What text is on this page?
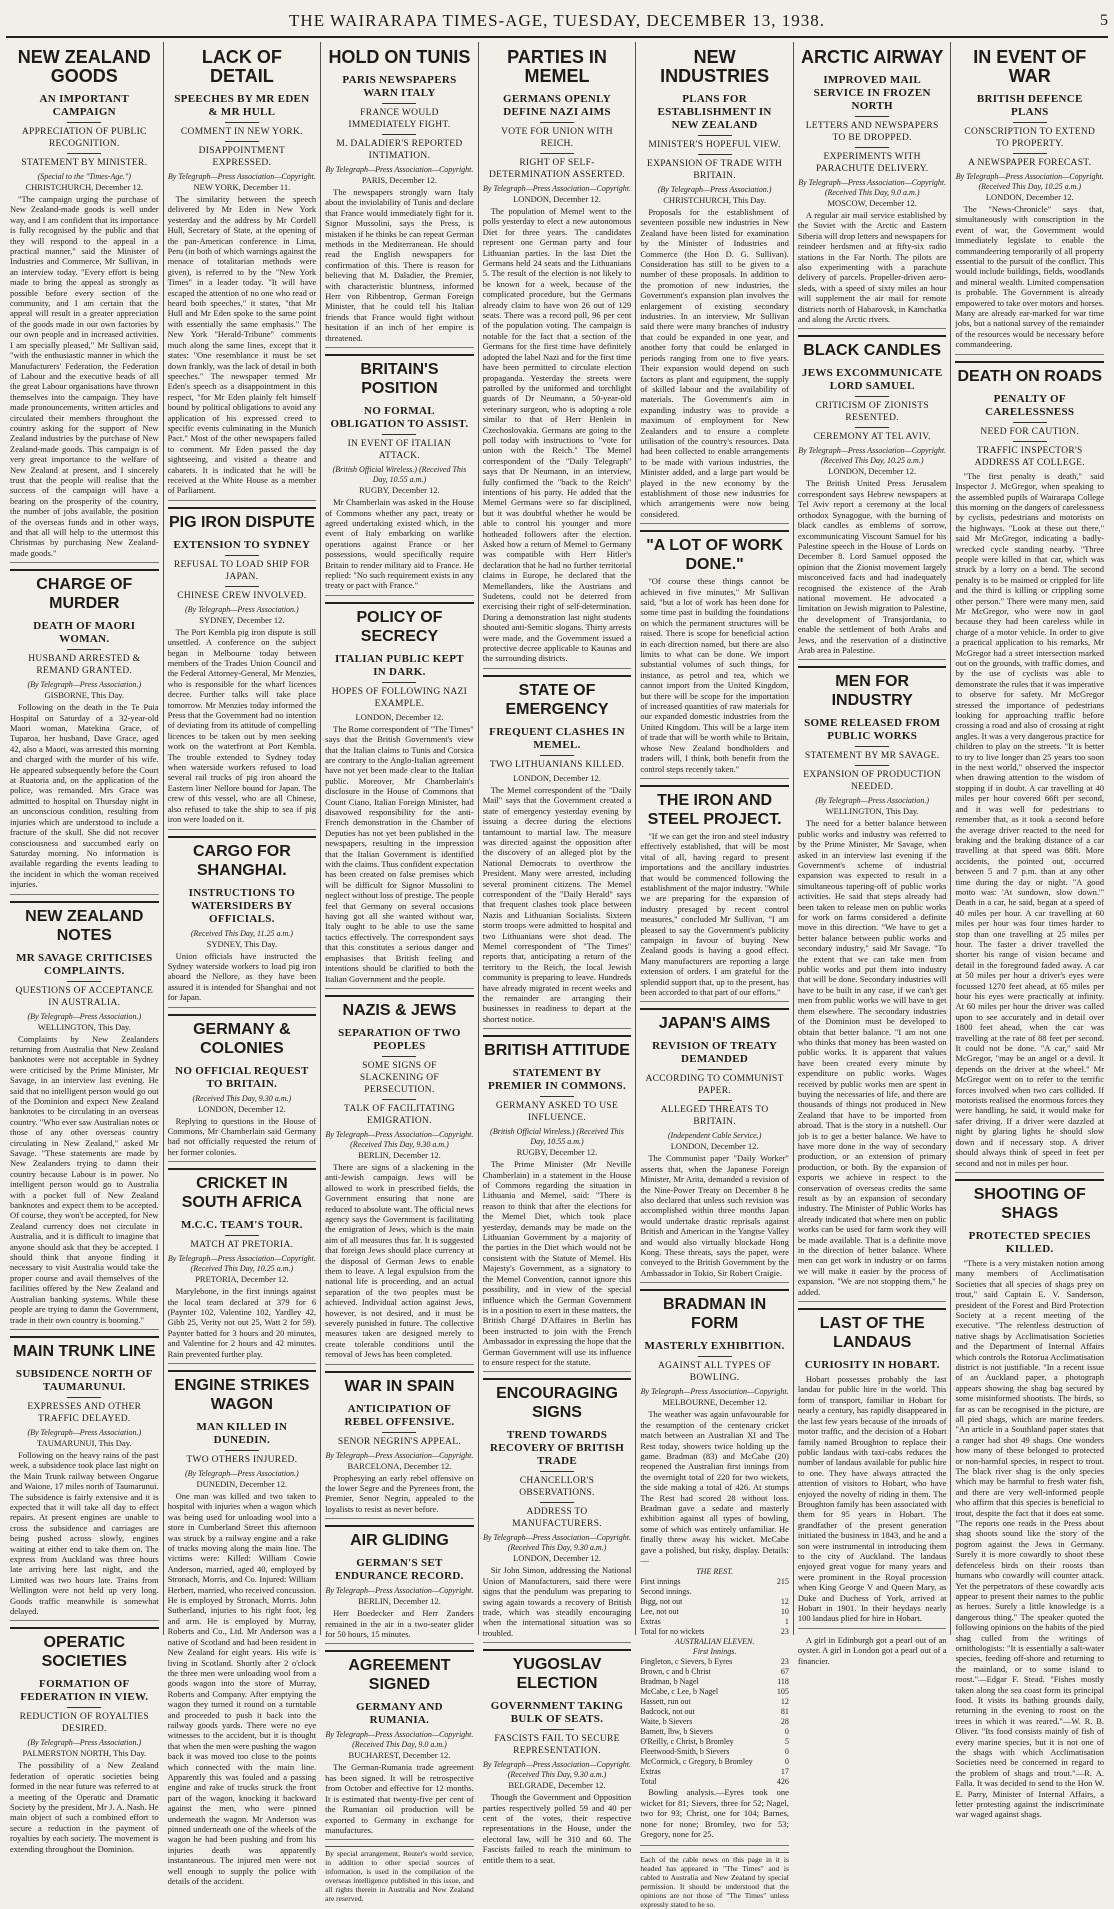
THE WAIRARAPA TIMES-AGE, TUESDAY, DECEMBER 13, 1938.	5
NEW ZEALAND GOODS
AN IMPORTANT CAMPAIGN
APPRECIATION OF PUBLIC RECOGNITION.
STATEMENT BY MINISTER.
(Special to the "Times-Age.")
CHRISTCHURCH, December 12.

"The campaign urging the purchase of New Zealand-made goods is well under way, and I am confident that its importance is fully recognised by the public and that they will respond to the appeal in a practical manner," said the Minister of Industries and Commerce, Mr Sullivan, in an interview today. "Every effort is being made to bring the appeal as strongly as possible before every section of the community, and I am certain that the appeal will result in a greater appreciation of the goods made in our own factories by our own people and in increased activities. I am specially pleased," Mr Sullivan said, "with the enthusiastic manner in which the Manufacturers' Federation, the Federation of Labour and the executive heads of all the great Labour organisations have thrown themselves into the campaign. They have made pronouncements, written articles and circulated their members throughout the country asking for the support of New Zealand industries by the purchase of New Zealand-made goods. This campaign is of very great importance to the welfare of New Zealand at present, and I sincerely trust that the people will realise that the success of the campaign will have a bearing on the prosperity of the country, the number of jobs available, the position of the overseas funds and in other ways, and that all will help to the uttermost this Christmas by purchasing New Zealand-made goods."

CHARGE OF MURDER
DEATH OF MAORI WOMAN.
HUSBAND ARRESTED & REMAND GRANTED.
(By Telegraph—Press Association.)
GISBORNE, This Day.

Following on the death in the Te Puia Hospital on Saturday of a 32-year-old Maori woman, Matekina Grace, of Tuparoa, her husband, Dave Grace, aged 42, also a Maori, was arrested this morning and charged with the murder of his wife. He appeared subsequently before the Court at Ruatoria and, on the application of the police, was remanded. Mrs Grace was admitted to hospital on Thursday night in an unconscious condition, resulting from injuries which are understood to include a fracture of the skull. She did not recover consciousness and succumbed early on Saturday morning. No information is available regarding the events leading to the incident in which the woman received injuries.

NEW ZEALAND NOTES
MR SAVAGE CRITICISES COMPLAINTS.
QUESTIONS OF ACCEPTANCE IN AUSTRALIA.
(By Telegraph—Press Association.)
WELLINGTON, This Day.

Complaints by New Zealanders returning from Australia that New Zealand banknotes were not acceptable in Sydney were criticised by the Prime Minister, Mr Savage, in an interview last evening. He said that no intelligent person would go out of the Dominion and expect New Zealand banknotes to be circulating in an overseas country. "Who ever saw Australian notes or those of any other overseas country circulating in New Zealand," asked Mr Savage. "These statements are made by New Zealanders trying to damn their country because Labour is in power. No intelligent person would go to Australia with a pocket full of New Zealand banknotes and expect them to be accepted. Of course, they won't be accepted, for New Zealand currency does not circulate in Australia, and it is difficult to imagine that anyone should ask that they be accepted. I should think that anyone finding it necessary to visit Australia would take the proper course and avail themselves of the facilities offered by the New Zealand and Australian banking systems. While these people are trying to damn the Government, trade in their own country is booming."

MAIN TRUNK LINE
SUBSIDENCE NORTH OF TAUMARUNUI.
EXPRESSES AND OTHER TRAFFIC DELAYED.
(By Telegraph—Press Association.)
TAUMARUNUI, This Day.

Following on the heavy rains of the past week, a subsidence took place last night on the Main Trunk railway between Ongarue and Waione, 17 miles north of Taumarunui. The subsidence is fairly extensive and it is expected that it will take all day to effect repairs. At present engines are unable to cross the subsidence and carriages are being pushed across slowly, engines waiting at either end to take them on. The express from Auckland was three hours late arriving here last night, and the Limited was two hours late. Trains from Wellington were not held up very long. Goods traffic meanwhile is somewhat delayed.

OPERATIC SOCIETIES
FORMATION OF FEDERATION IN VIEW.
REDUCTION OF ROYALTIES DESIRED.
(By Telegraph—Press Association.)
PALMERSTON NORTH, This Day.

The possibility of a New Zealand federation of operatic societies being formed in the near future was referred to at a meeting of the Operatic and Dramatic Society by the president, Mr J. A. Nash. He main object of such a combined effort to secure a reduction in the payment of royalties by each society. The movement is extending throughout the Dominion.

LACK OF DETAIL
SPEECHES BY MR EDEN & MR HULL
COMMENT IN NEW YORK.
DISAPPOINTMENT EXPRESSED.
By Telegraph—Press Association—Copyright.
NEW YORK, December 11.

The similarity between the speech delivered by Mr Eden in New York yesterday and the address by Mr Cordell Hull, Secretary of State, at the opening of the pan-American conference in Lima, Peru (in both of which warnings against the menace of totalitarian methods were given), is referred to by the "New York Times" in a leader today. "It will have escaped the attention of no one who read or heard both speeches," it states, "that Mr Hull and Mr Eden spoke to the same point with essentially the same emphasis." The New York "Herald-Tribune" comments much along the same lines, except that it states: "One resemblance it must be set down frankly, was the lack of detail in both speeches." The newspaper termed Mr Eden's speech as a disappointment in this respect, "for Mr Eden plainly felt himself bound by political obligations to avoid any application of his expressed creed to specific events culminating in the Munich Pact." Most of the other newspapers failed to comment. Mr Eden passed the day sightseeing, and visited a theatre and cabarets. It is indicated that he will be received at the White House as a member of Parliament.

PIG IRON DISPUTE
EXTENSION TO SYDNEY
REFUSAL TO LOAD SHIP FOR JAPAN.
CHINESE CREW INVOLVED.
(By Telegraph—Press Association.)
SYDNEY, December 12.

The Port Kembla pig iron dispute is still unsettled. A conference on the subject began in Melbourne today between members of the Trades Union Council and the Federal Attorney-General, Mr Menzies, who is responsible for the wharf licences decree. Further talks will take place tomorrow. Mr Menzies today informed the Press that the Government had no intention of deviating from its attitude of compelling licences to be taken out by men seeking work on the waterfront at Port Kembla. The trouble extended to Sydney today when waterside workers refused to load several rail trucks of pig iron aboard the Eastern liner Nellore bound for Japan. The crew of this vessel, who are all Chinese, also refused to take the ship to sea if pig iron were loaded on it.

CARGO FOR SHANGHAI.
INSTRUCTIONS TO WATERSIDERS BY OFFICIALS.
(Received This Day, 11.25 a.m.)
SYDNEY, This Day.

Union officials have instructed the Sydney waterside workers to load pig iron aboard the Nellore, as they have been assured it is intended for Shanghai and not for Japan.

GERMANY & COLONIES
NO OFFICIAL REQUEST TO BRITAIN.
(Received This Day, 9.30 a.m.)
LONDON, December 12.

Replying to questions in the House of Commons, Mr Chamberlain said Germany had not officially requested the return of her former colonies.

CRICKET IN SOUTH AFRICA
M.C.C. TEAM'S TOUR.
MATCH AT PRETORIA.
By Telegraph—Press Association—Copyright. (Received This Day, 10.25 a.m.)
PRETORIA, December 12.

Marylebone, in the first innings against the local team declared at 379 for 6 (Paynter 102, Valentine 102, Yardley 42, Gibb 25, Verity not out 25, Watt 2 for 59). Paynter batted for 3 hours and 20 minutes, and Valentine for 2 hours and 42 minutes. Rain prevented further play.

ENGINE STRIKES WAGON
MAN KILLED IN DUNEDIN.
TWO OTHERS INJURED.
(By Telegraph—Press Association.)
DUNEDIN, December 12.

One man was killed and two taken to hospital with injuries when a wagon which was being used for unloading wool into a store in Cumberland Street this afternoon was struck by a railway engine and a rake of trucks moving along the main line. The victims were: Killed: William Cowie Anderson, married, aged 40, employed by Stronach, Morris, and Co. Injured: William Herbert, married, who received concussion. He is employed by Stronach, Morris. John Sutherland, injuries to his right foot, leg and arm. He is employed by Murray, Roberts and Co., Ltd. Mr Anderson was a native of Scotland and had been resident in New Zealand for eight years. His wife is living in Scotland. Shortly after 2 o'clock the three men were unloading wool from a goods wagon into the store of Murray, Roberts and Company. After emptying the wagon they turned it round on a turntable and proceeded to push it back into the railway goods yards. There were no eye witnesses to the accident, but it is thought that when the men were pushing the wagon back it was moved too close to the points which connected with the main line. Apparently this was fouled and a passing engine and rake of trucks struck the front part of the wagon, knocking it backward against the men, who were pinned underneath the wagon. Mr Anderson was pinned underneath one of the wheels of the wagon he had been pushing and from his injuries death was apparently instantaneous. The injured men were not well enough to supply the police with details of the accident.

HOLD ON TUNIS
PARIS NEWSPAPERS WARN ITALY
FRANCE WOULD IMMEDIATELY FIGHT.
M. DALADIER'S REPORTED INTIMATION.
By Telegraph—Press Association—Copyright.
PARIS, December 12.

The newspapers strongly warn Italy about the inviolability of Tunis and declare that France would immediately fight for it. Signor Mussolini, says the Press, is mistaken if he thinks he can repeat German methods in the Mediterranean. He should read the English newspapers for confirmation of this. There is reason for believing that M. Daladier, the Premier, with characteristic bluntness, informed Herr von Ribbentrop, German Foreign Minister, that he could tell his Italian friends that France would fight without hesitation if an inch of her empire is threatened.

BRITAIN'S POSITION
NO FORMAL OBLIGATION TO ASSIST.
IN EVENT OF ITALIAN ATTACK.
(British Official Wireless.) (Received This Day, 10.55 a.m.)
RUGBY, December 12.

Mr Chamberlain was asked in the House of Commons whether any pact, treaty or agreed undertaking existed which, in the event of Italy embarking on warlike operations against France or her possessions, would specifically require Britain to render military aid to France. He replied: "No such requirement exists in any treaty or pact with France."

POLICY OF SECRECY
ITALIAN PUBLIC KEPT IN DARK.
HOPES OF FOLLOWING NAZI EXAMPLE.
LONDON, December 12.

The Rome correspondent of "The Times" says that the British Government's view that the Italian claims to Tunis and Corsica are contrary to the Anglo-Italian agreement have not yet been made clear to the Italian public. Moreover, Mr Chamberlain's disclosure in the House of Commons that Count Ciano, Italian Foreign Minister, had disavowed responsibility for the anti-French demonstration in the Chamber of Deputies has not yet been published in the newspapers, resulting in the impression that the Italian Government is identified with the claims. Thus confident expectation has been created on false premises which will be difficult for Signor Mussolini to neglect without loss of prestige. The people feel that Germany on several occasions having got all she wanted without war, Italy ought to be able to use the same tactics effectively. The correspondent says that this constitutes a serious danger and emphasises that British feeling and intentions should be clarified to both the Italian Government and the people.

NAZIS & JEWS
SEPARATION OF TWO PEOPLES
SOME SIGNS OF SLACKENING OF PERSECUTION.
TALK OF FACILITATING EMIGRATION.
By Telegraph—Press Association—Copyright. (Received This Day, 9.30 a.m.)
BERLIN, December 12.

There are signs of a slackening in the anti-Jewish campaign. Jews will be allowed to work in prescribed fields, the Government ensuring that none are reduced to absolute want. The official news agency says the Government is facilitating the emigration of Jews, which is the main aim of all measures thus far. It is suggested that foreign Jews should place currency at the disposal of German Jews to enable them to leave. A legal expulsion from the national life is proceeding, and an actual separation of the two peoples must be achieved. Individual action against Jews, however, is not desired, and it must be severely punished in future. The collective measures taken are designed merely to create tolerable conditions until the removal of Jews has been completed.

WAR IN SPAIN
ANTICIPATION OF REBEL OFFENSIVE.
SENOR NEGRIN'S APPEAL.
By Telegraph—Press Association—Copyright.
BARCELONA, December 12.

Prophesying an early rebel offensive on the lower Segre and the Pyrenees front, the Premier, Senor Negrin, appealed to the loyalists to resist as never before.

AIR GLIDING
GERMAN'S SET ENDURANCE RECORD.
By Telegraph—Press Association—Copyright.
BERLIN, December 12.

Herr Boedecker and Herr Zanders remained in the air in a two-seater glider for 50 hours, 15 minutes.

AGREEMENT SIGNED
GERMANY AND RUMANIA.
By Telegraph—Press Association—Copyright. (Received This Day, 9.0 a.m.)
BUCHAREST, December 12.

The German-Rumania trade agreement has been signed. It will be retrospective from October and effective for 12 months. It is estimated that twenty-five per cent of the Rumanian oil production will be exported to Germany in exchange for manufactures.

By special arrangement, Reuter's world service, in addition to other special sources of information, is used in the compilation of the overseas intelligence published in this issue, and all rights therein in Australia and New Zealand are reserved.
PARTIES IN MEMEL
GERMANS OPENLY DEFINE NAZI AIMS
VOTE FOR UNION WITH REICH.
RIGHT OF SELF-DETERMINATION ASSERTED.
By Telegraph—Press Association—Copyright.
LONDON, December 12.

The population of Memel went to the polls yesterday to elect a new autonomous Diet for three years. The candidates represent one German party and four Lithuanian parties. In the last Diet the Germans held 24 seats and the Lithuanians 5. The result of the election is not likely to be known for a week, because of the complicated procedure, but the Germans already claim to have won 26 out of 129 seats. There was a record poll, 96 per cent of the population voting. The campaign is notable for the fact that a section of the Germans for the first time have definitely adopted the label Nazi and for the first time have been permitted to circulate election propaganda. Yesterday the streets were patrolled by the uniformed and torchlight guards of Dr Neumann, a 50-year-old veterinary surgeon, who is adopting a role similar to that of Herr Henlein in Czechoslovakia. Germans are going to the poll today with instructions to "vote for union with the Reich." The Memel correspondent of the "Daily Telegraph" says that Dr Neumann, in an interview, fully confirmed the "back to the Reich" intentions of his party. He added that the Memel Germans were so far disciplined, but it was doubtful whether he would be able to control his younger and more hotheaded followers after the election. Asked how a return of Memel to Germany was compatible with Herr Hitler's declaration that he had no further territorial claims in Europe, he declared that the Memellanders, like the Austrians and Sudetens, could not be deterred from exercising their right of self-determination. During a demonstration last night students shouted anti-Semitic slogans. Thirty arrests were made, and the Government issued a protective decree applicable to Kaunas and the surrounding districts.

STATE OF EMERGENCY
FREQUENT CLASHES IN MEMEL.
TWO LITHUANIANS KILLED.
LONDON, December 12.

The Memel correspondent of the "Daily Mail" says that the Government created a state of emergency yesterday evening by issuing a decree during the elections tantamount to martial law. The measure was directed against the opposition after the discovery of an alleged plot by the National Democrats to overthrow the President. Many were arrested, including several prominent citizens. The Memel correspondent of the "Daily Herald" says that frequent clashes took place between Nazis and Lithuanian Socialists. Sixteen storm troops were admitted to hospital and two Lithuanians were shot dead. The Memel correspondent of "The Times" reports that, anticipating a return of the territory to the Reich, the local Jewish community is preparing to leave. Hundreds have already migrated in recent weeks and the remainder are arranging their businesses in readiness to depart at the shortest notice.

BRITISH ATTITUDE
STATEMENT BY PREMIER IN COMMONS.
GERMANY ASKED TO USE INFLUENCE.
(British Official Wireless.) (Received This Day, 10.55 a.m.)
RUGBY, December 12.

The Prime Minister (Mr Neville Chamberlain) in a statement in the House of Commons regarding the situation in Lithuania and Memel, said: "There is reason to think that after the elections for the Memel Diet, which took place yesterday, demands may be made on the Lithuanian Government by a majority of the parties in the Diet which would not be consistent with the Statute of Memel. His Majesty's Government, as a signatory to the Memel Convention, cannot ignore this possibility, and in view of the special influence which the German Government is in a position to exert in these matters, the British Chargé D'Affaires in Berlin has been instructed to join with the French Ambassador in expressing the hope that the German Government will use its influence to ensure respect for the statute.

ENCOURAGING SIGNS
TREND TOWARDS RECOVERY OF BRITISH TRADE
CHANCELLOR'S OBSERVATIONS.
ADDRESS TO MANUFACTURERS.
By Telegraph—Press Association—Copyright. (Received This Day, 9.30 a.m.)
LONDON, December 12.

Sir John Simon, addressing the National Union of Manufacturers, said there were signs that the pendulum was preparing to swing again towards a recovery of British trade, which was steadily encouraging when the international situation was so troubled.

YUGOSLAV ELECTION
GOVERNMENT TAKING BULK OF SEATS.
FASCISTS FAIL TO SECURE REPRESENTATION.
By Telegraph—Press Association—Copyright. (Received This Day, 9.30 a.m.)
BELGRADE, December 12.

Though the Government and Opposition parties respectively polled 59 and 40 per cent of the votes, their respective representations in the House, under the electoral law, will be 310 and 60. The Fascists failed to reach the minimum to entitle them to a seat.

NEW INDUSTRIES
PLANS FOR ESTABLISHMENT IN NEW ZEALAND
MINISTER'S HOPEFUL VIEW.
EXPANSION OF TRADE WITH BRITAIN.
(By Telegraph—Press Association.)
CHRISTCHURCH, This Day.

Proposals for the establishment of seventeen possible new industries in New Zealand have been listed for examination by the Minister of Industries and Commerce (the Hon D. G. Sullivan). Consideration has still to be given to a number of these proposals. In addition to the promotion of new industries, the Government's expansion plan involves the enlargement of existing secondary industries. In an interview, Mr Sullivan said there were many branches of industry that could be expanded in one year, and another forty that could be enlarged in periods ranging from one to five years. Their expansion would depend on such factors as plant and equipment, the supply of skilled labour and the availability of materials. The Government's aim in expanding industry was to provide a maximum of employment for New Zealanders and to ensure a complete utilisation of the country's resources. Data had been collected to enable arrangements to be made with various industries, the Minister added, and a large part would be played in the new economy by the establishment of those new industries for which arrangements were now being considered.

"A LOT OF WORK DONE."

"Of course these things cannot be achieved in five minutes," Mr Sullivan said, "but a lot of work has been done for some time past in building the foundations on which the permanent structures will be raised. There is scope for beneficial action in each direction named, but there are also limits to what can be done. We import substantial volumes of such things, for instance, as petrol and tea, which we cannot import from the United Kingdom, but there will be scope for the importation of increased quantities of raw materials for our expanded domestic industries from the United Kingdom. This will be a large item of trade that will be worth while to Britain, whose New Zealand bondholders and traders will, I think, both benefit from the control steps recently taken."

THE IRON AND STEEL PROJECT.

"If we can get the iron and steel industry effectively established, that will be most vital of all, having regard to present importations and the ancillary industries that would be commenced following the establishment of the major industry. "While we are preparing for the expansion of industry presaged by recent control measures," concluded Mr Sullivan, "I am pleased to say the Government's publicity campaign in favour of buying New Zealand goods is having a good effect. Many manufacturers are reporting a large extension of orders. I am grateful for the splendid support that, up to the present, has been accorded to that part of our efforts."

JAPAN'S AIMS
REVISION OF TREATY DEMANDED
ACCORDING TO COMMUNIST PAPER.
ALLEGED THREATS TO BRITAIN.
(Independent Cable Service.)
LONDON, December 12.

The Communist paper "Daily Worker" asserts that, when the Japanese Foreign Minister, Mr Arita, demanded a revision of the Nine-Power Treaty on December 8 he also declared that unless such revision was accomplished within three months Japan would undertake drastic reprisals against British and American in the Yangtse Valley and would also virtually blockade Hong Kong. These threats, says the paper, were conveyed to the British Government by the Ambassador in Tokio, Sir Robert Craigie.

BRADMAN IN FORM
MASTERLY EXHIBITION.
AGAINST ALL TYPES OF BOWLING.
By Telegraph—Press Association—Copyright.
MELBOURNE, December 12.

The weather was again unfavourable for the resumption of the centenary cricket match between an Australian XI and The Rest today, showers twice holding up the game. Bradman (83) and McCabe (20) reopened the Australian first innings from the overnight total of 220 for two wickets, the side making a total of 426. At stumps The Rest had scored 28 without loss. Bradman gave a sedate and masterly exhibition against all types of bowling, some of which was entirely unfamiliar. He finally threw away his wicket. McCabe gave a polished, but risky, display. Details:—

THE REST.
First innings	215
Second innings.
Bigg, not out	12
Lee, not out	10
Extras	1
Total for no wickets	23
AUSTRALIAN ELEVEN.
First Innings.
Fingleton, c Sievers, b Eyres	23
Brown, c and b Christ	67
Bradman, b Nagel	118
McCabe, c Lee, b Nagel	105
Hassett, run out	12
Badcock, not out	81
Waite, b Sievers	28
Barnett, lbw, b Sievers	0
O'Reilly, c Christ, b Bromley	5
Fleetwood-Smith, b Sievers	0
McCormick, c Gregory, b Bromley	0
Extras	17
Total	426

Bowling analysis.—Eyres took one wicket for 81; Sievers, three for 52; Nagel, two for 93; Christ, one for 104; Barnes, none for none; Bromley, two for 53; Gregory, none for 25.

Each of the cable news on this page in it is headed has appeared in "The Times" and is cabled to Australia and New Zealand by special permission. It should be understood that the opinions are not those of "The Times" unless expressly stated to be so.
ARCTIC AIRWAY
IMPROVED MAIL SERVICE IN FROZEN NORTH
LETTERS AND NEWSPAPERS TO BE DROPPED.
EXPERIMENTS WITH PARACHUTE DELIVERY.
By Telegraph—Press Association—Copyright. (Received This Day, 9.0 a.m.)
MOSCOW, December 12.

A regular air mail service established by the Soviet with the Arctic and Eastern Siberia will drop letters and newspapers for reindeer herdsmen and at fifty-six radio stations in the Far North. The pilots are also experimenting with a parachute delivery of parcels. Propeller-driven aero-sleds, with a speed of sixty miles an hour will supplement the air mail for remote districts north of Habarovsk, in Kamchatka and along the Arctic rivers.

BLACK CANDLES
JEWS EXCOMMUNICATE LORD SAMUEL
CRITICISM OF ZIONISTS RESENTED.
CEREMONY AT TEL AVIV.
By Telegraph—Press Association—Copyright. (Received This Day, 10.25 a.m.)
LONDON, December 12.

The British United Press Jerusalem correspondent says Hebrew newspapers at Tel Aviv report a ceremony at the local orthodox Synagogue, with the burning of black candles as emblems of sorrow, excommunicating Viscount Samuel for his Palestine speech in the House of Lords on December 8. Lord Samuel opposed the opinion that the Zionist movement largely misconceived facts and had inadequately recognised the existence of the Arab national movement. He advocated a limitation on Jewish migration to Palestine, the development of Transjordania, to enable the settlement of both Arabs and Jews, and the reservation of a distinctive Arab area in Palestine.

MEN FOR INDUSTRY
SOME RELEASED FROM PUBLIC WORKS
STATEMENT BY MR SAVAGE.
EXPANSION OF PRODUCTION NEEDED.
(By Telegraph—Press Association.)
WELLINGTON, This Day.

The need for a better balance between public works and industry was referred to by the Prime Minister, Mr Savage, when asked in an interview last evening if the Government's scheme of industrial expansion was expected to result in a simultaneous tapering-off of public works activities. He said that steps already had been taken to release men on public works for work on farms considered a definite move in this direction. "We have to get a better balance between public works and secondary industry," said Mr Savage. "To the extent that we can take men from public works and put them into industry that will be done. Secondary industries will have to be built in any case, if we can't get men from public works we will have to get them elsewhere. The secondary industries of the Dominion must be developed to obtain that better balance. "I am not one who thinks that money has been wasted on public works. It is apparent that values have been created every minute by expenditure on public works. Wages received by public works men are spent in buying the necessaries of life, and there are thousands of things not produced in New Zealand that have to be imported from abroad. That is the story in a nutshell. Our job is to get a better balance. We have to have more done in the way of secondary production, or an extension of primary production, or both. By the expansion of exports we achieve in respect to the conservation of overseas credits the same result as by an expansion of secondary industry. The Minister of Public Works has already indicated that where men on public works can be used for farm work they will be made available. That is a definite move in the direction of better balance. Where men can get work in industry or on farms we will make it easier by the process of expansion. "We are not stopping them," he added.

LAST OF THE LANDAUS
CURIOSITY IN HOBART.

Hobart possesses probably the last landau for public hire in the world. This form of transport, familiar in Hobart for nearly a century, has rapidly disappeared in the last few years because of the inroads of motor traffic, and the decision of a Hobart family named Broughton to replace their public landaus with taxi-cabs reduces the number of landaus available for public hire to one. They have always attracted the attention of visitors to Hobart, who have enjoyed the novelty of riding in them. The Broughton family has been associated with them for 95 years in Hobart. The grandfather of the present generation initiated the business in 1843, and he and a son were instrumental in introducing them to the city of Auckland. The landaus enjoyed great vogue for many years and were prominent in the Royal procession when King George V and Queen Mary, as Duke and Duchess of York, arrived at Hobart in 1901. In their heydays nearly 100 landaus plied for hire in Hobart.

A girl in Edinburgh got a pearl out of an oyster. A girl in London got a pearl out of a financier.

IN EVENT OF WAR
BRITISH DEFENCE PLANS
CONSCRIPTION TO EXTEND TO PROPERTY.
A NEWSPAPER FORECAST.
By Telegraph—Press Association—Copyright. (Received This Day, 10.25 a.m.)
LONDON, December 12.

The "News-Chronicle" says that, simultaneously with conscription in the event of war, the Government would immediately legislate to enable the commandeering temporarily of all property essential to the pursuit of the conflict. This would include buildings, fields, woodlands and mineral wealth. Limited compensation is probable. The Government is already empowered to take over motors and horses. Many are already ear-marked for war time jobs, but a national survey of the remainder of the resources would be necessary before commandeering.

DEATH ON ROADS
PENALTY OF CARELESSNESS
NEED FOR CAUTION.
TRAFFIC INSPECTOR'S ADDRESS AT COLLEGE.

"The first penalty is death," said Inspector J. McGregor, when speaking to the assembled pupils of Wairarapa College this morning on the dangers of carelessness by cyclists, pedestrians and motorists on the highways. "Look at these out there," said Mr McGregor, indicating a badly-wrecked cycle standing nearby. "Three people were killed in that car, which was struck by a lorry on a bend. The second penalty is to be maimed or crippled for life and the third is killing or crippling some other person." There were many men, said Mr McGregor, who were now in gaol because they had been careless while in charge of a motor vehicle. In order to give a practical application to his remarks, Mr McGregor had a street intersection marked out on the grounds, with traffic domes, and by the use of cyclists was able to demonstrate the rules that it was imperative to observe for safety. Mr McGregor stressed the importance of pedestrians looking for approaching traffic before crossing a road and also of crossing at right angles. It was a very dangerous practice for children to play on the streets. "It is better to try to live longer than 25 years too soon in the next world," observed the inspector when drawing attention to the wisdom of stopping if in doubt. A car travelling at 40 miles per hour covered 66ft per second, and it was well for pedestrians to remember that, as it took a second before the average driver reacted to the need for braking and the braking distance of a car travelling at that speed was 88ft. More accidents, the pointed out, occurred between 5 and 7 p.m. than at any other time during the day or night. "A good motto was: 'At sundown, slow down.'" Death in a car, he said, began at a speed of 40 miles per hour. A car travelling at 60 miles per hour was four times harder to stop than one travelling at 25 miles per hour. The faster a driver travelled the shorter his range of vision became and detail in the foreground faded away. A car at 50 miles per hour a driver's eyes were focussed 1270 feet ahead, at 65 miles per hour his eyes were practically at infinity. At 60 miles per hour the driver was called upon to see accurately and in detail over 1800 feet ahead, when the car was travelling at the rate of 88 feet per second. It could not be done. "A car," said Mr McGregor, "may be an angel or a devil. It depends on the driver at the wheel." Mr McGregor went on to refer to the terrific forces involved when two cars collided. If motorists realised the enormous forces they were handling, he said, it would make for safer driving. If a driver were dazzled at night by glaring lights he should slow down and if necessary stop. A driver should always think of speed in feet per second and not in miles per hour.

SHOOTING OF SHAGS
PROTECTED SPECIES KILLED.

"There is a very mistaken notion among many members of Acclimatisation Societies that all species of shags prey on trout," said Captain E. V. Sanderson, president of the Forest and Bird Protection Society at a recent meeting of the executive. "The relentless destruction of native shags by Acclimatisation Societies and the Department of Internal Affairs which controls the Rotorua Acclimatisation district is not justifiable. "In a recent issue of an Auckland paper, a photograph appears showing the shag bag secured by some misinformed shootists. The birds, so far as can be recognised in the picture, are all pied shags, which are marine feeders. "An article in a Southland paper states that a ranger had shot 49 shags. One wonders how many of these belonged to protected or non-harmful species, in respect to trout. The black river shag is the only species which may be harmful to fresh water fish, and there are very well-informed people who affirm that this species is beneficial to trout, despite the fact that it does eat some. "The reports one reads in the Press about shag shoots sound like the story of the pogrom against the Jews in Germany. Surely it is more cowardly to shoot these defenceless birds on their roosts than humans who cowardly will counter attack. Yet the perpetrators of these cowardly acts appear to present their names to the public as heroes. Surely a little knowledge is a dangerous thing." The speaker quoted the following opinions on the habits of the pied shag culled from the writings of ornithologists: "It is essentially a salt-water species, feeding off-shore and returning to the mainland, or to some island to roost."—Edgar F. Stead. "Fishes mostly taken along the sea coast form its principal food. It visits its bathing grounds daily, returning in the evening to roost on the trees in which it was reared."—W. R. B. Oliver. "Its food consists mainly of fish of every marine species, but it is not one of the shags with which Acclimatisation Societies need be concerned in regard to the problem of shags and trout."—R. A. Falla. It was decided to send to the Hon W. E. Parry, Minister of Internal Affairs, a letter protesting against the indiscriminate war waged against shags.
